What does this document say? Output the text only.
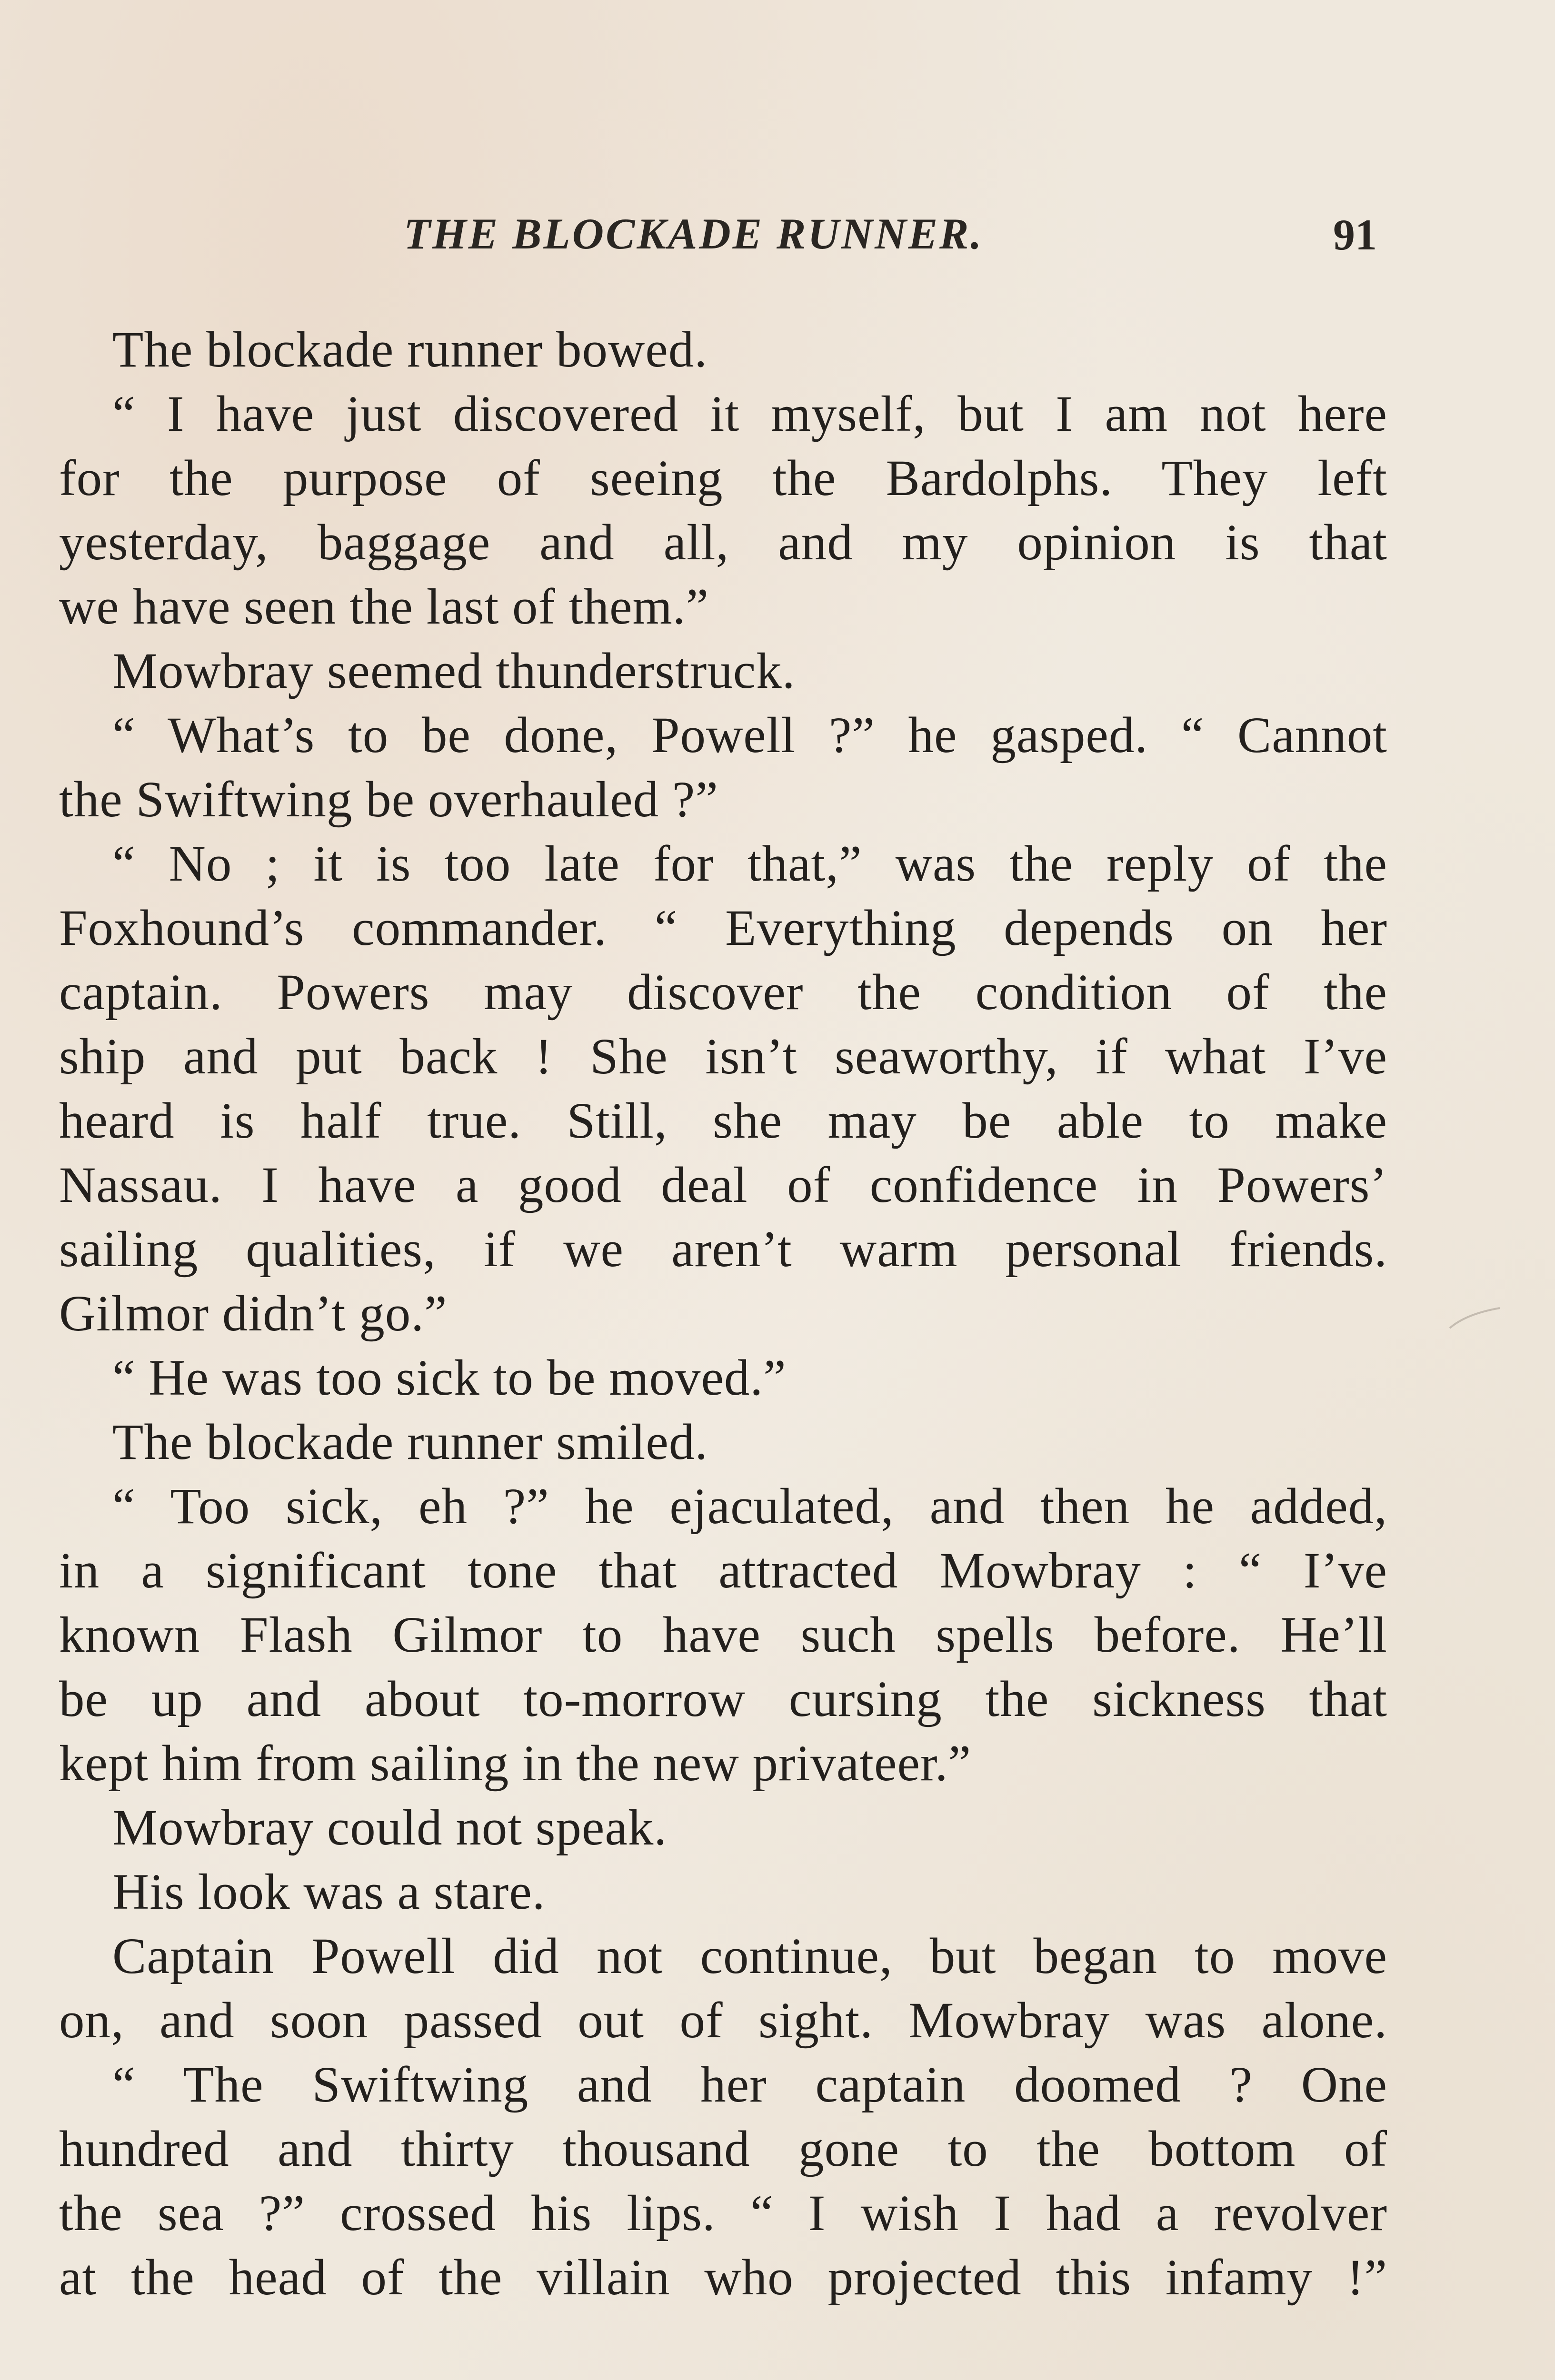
THE BLOCKADE RUNNER.	91
The blockade runner bowed.
“ I have just discovered it myself, but I am not here
for the purpose of seeing the Bardolphs. They left
yesterday, baggage and all, and my opinion is that
we have seen the last of them.”
Mowbray seemed thunderstruck.
“ What’s to be done, Powell ?” he gasped. “ Cannot
the Swiftwing be overhauled ?”
“ No ; it is too late for that,” was the reply of the
Foxhound’s commander. “ Everything depends on her
captain. Powers may discover the condition of the
ship and put back ! She isn’t seaworthy, if what I’ve
heard is half true. Still, she may be able to make
Nassau. I have a good deal of confidence in Powers’
sailing qualities, if we aren’t warm personal friends.
Gilmor didn’t go.”
“ He was too sick to be moved.”
The blockade runner smiled.
“ Too sick, eh ?” he ejaculated, and then he added,
in a significant tone that attracted Mowbray : “ I’ve
known Flash Gilmor to have such spells before. He’ll
be up and about to-morrow cursing the sickness that
kept him from sailing in the new privateer.”
Mowbray could not speak.
His look was a stare.
Captain Powell did not continue, but began to move
on, and soon passed out of sight. Mowbray was alone.
“ The Swiftwing and her captain doomed ? One
hundred and thirty thousand gone to the bottom of
the sea ?” crossed his lips. “ I wish I had a revolver
at the head of the villain who projected this infamy !”
